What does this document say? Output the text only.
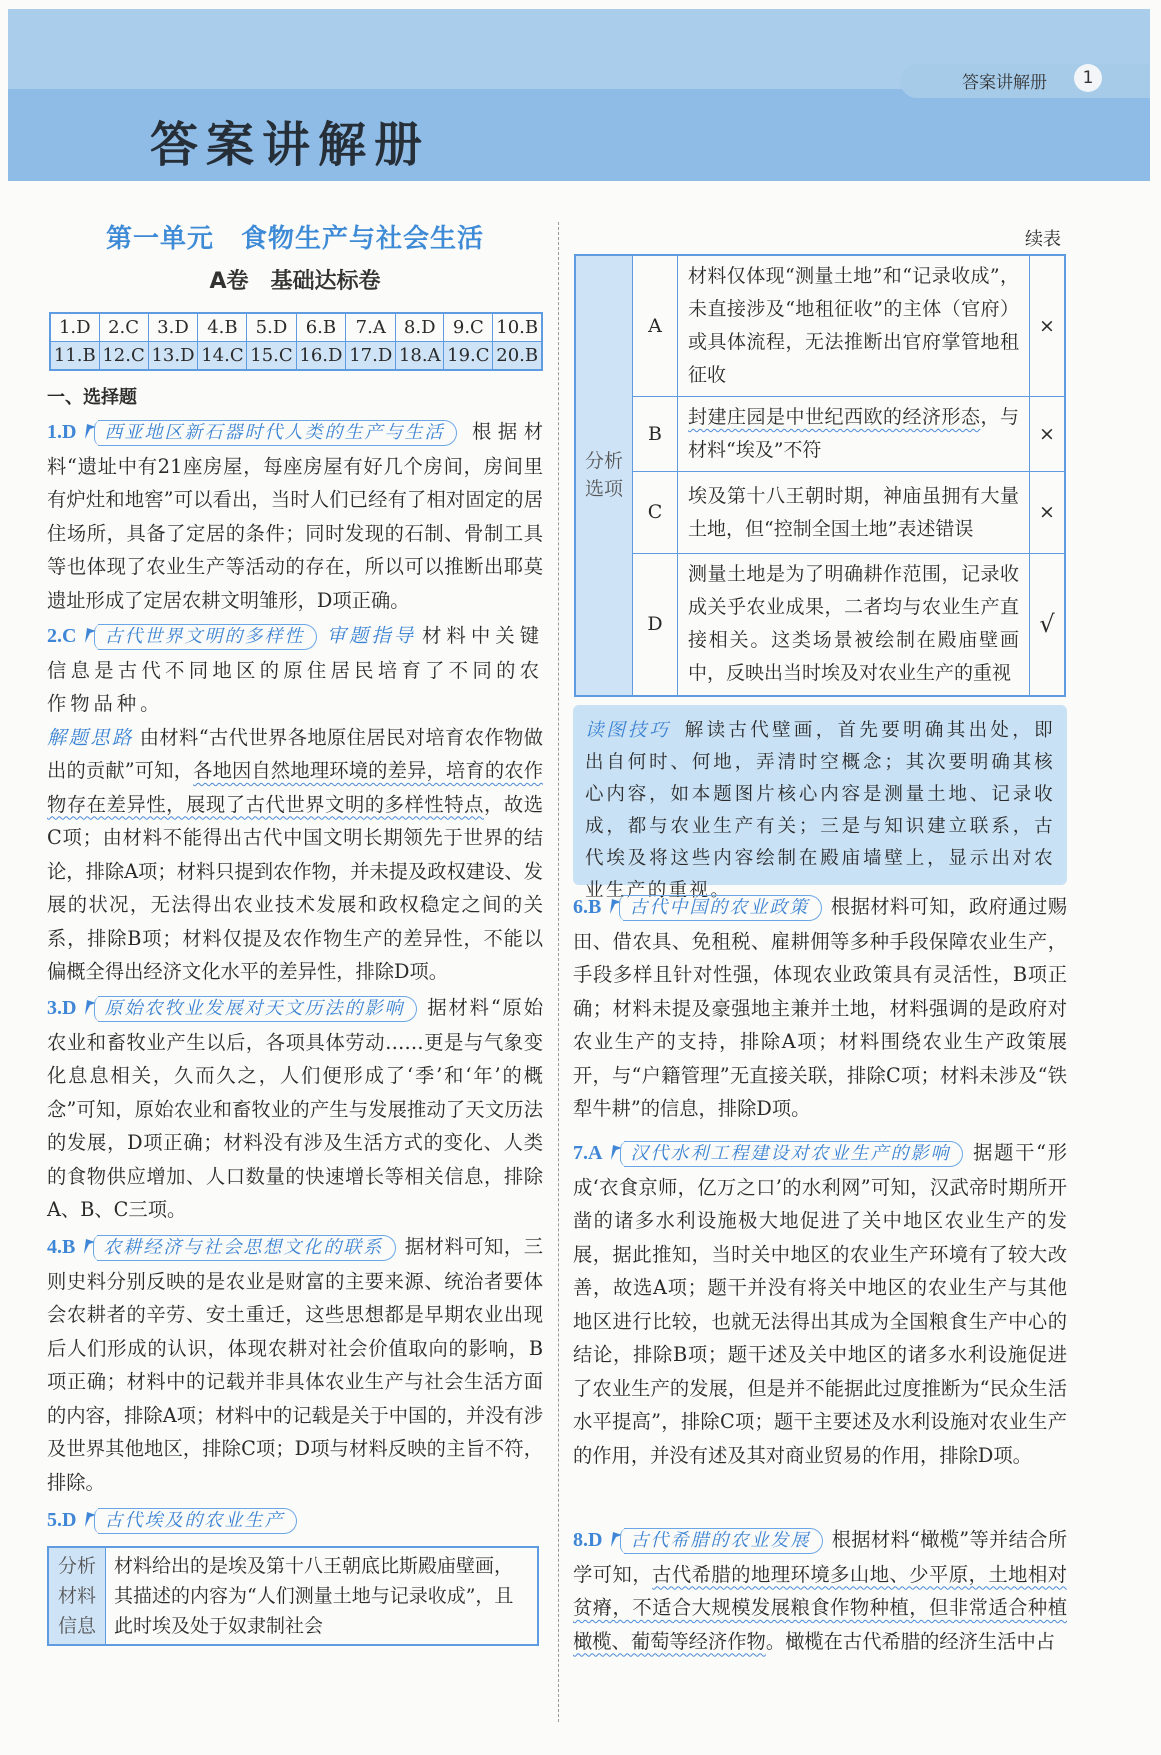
答案讲解册	1
答案讲解册
第一单元　食物生产与社会生活
A卷　基础达标卷
1.D	2.C	3.D	4.B	5.D	6.B	7.A	8.D	9.C	10.B
11.B	12.C	13.D	14.C	15.C	16.D	17.D	18.A	19.C	20.B
一、选择题
1.D 西亚地区新石器时代人类的生产与生活 根据材料“遗址中有21座房屋，每座房屋有好几个房间，房间里有炉灶和地窖”可以看出，当时人们已经有了相对固定的居住场所，具备了定居的条件；同时发现的石制、骨制工具等也体现了农业生产等活动的存在，所以可以推断出耶莫遗址形成了定居农耕文明雏形，D项正确。
2.C 古代世界文明的多样性 审题指导 材料中关键信息是古代不同地区的原住居民培育了不同的农作物品种。
解题思路 由材料“古代世界各地原住居民对培育农作物做出的贡献”可知，各地因自然地理环境的差异，培育的农作物存在差异性，展现了古代世界文明的多样性特点，故选C项；由材料不能得出古代中国文明长期领先于世界的结论，排除A项；材料只提到农作物，并未提及政权建设、发展的状况，无法得出农业技术发展和政权稳定之间的关系，排除B项；材料仅提及农作物生产的差异性，不能以偏概全得出经济文化水平的差异性，排除D项。
3.D 原始农牧业发展对天文历法的影响 据材料“原始农业和畜牧业产生以后，各项具体劳动……更是与气象变化息息相关，久而久之，人们便形成了‘季’和‘年’的概念”可知，原始农业和畜牧业的产生与发展推动了天文历法的发展，D项正确；材料没有涉及生活方式的变化、人类的食物供应增加、人口数量的快速增长等相关信息，排除A、B、C三项。
4.B 农耕经济与社会思想文化的联系 据材料可知，三则史料分别反映的是农业是财富的主要来源、统治者要体会农耕者的辛劳、安土重迁，这些思想都是早期农业出现后人们形成的认识，体现农耕对社会价值取向的影响，B项正确；材料中的记载并非具体农业生产与社会生活方面的内容，排除A项；材料中的记载是关于中国的，并没有涉及世界其他地区，排除C项；D项与材料反映的主旨不符，排除。
5.D 古代埃及的农业生产
分析材料信息	材料给出的是埃及第十八王朝底比斯殿庙壁画，其描述的内容为“人们测量土地与记录收成”，且此时埃及处于奴隶制社会
续表
分析选项	A	材料仅体现“测量土地”和“记录收成”，未直接涉及“地租征收”的主体（官府）或具体流程，无法推断出官府掌管地租征收	×
	B	封建庄园是中世纪西欧的经济形态，与材料“埃及”不符	×
	C	埃及第十八王朝时期，神庙虽拥有大量土地，但“控制全国土地”表述错误	×
	D	测量土地是为了明确耕作范围，记录收成关乎农业成果，二者均与农业生产直接相关。这类场景被绘制在殿庙壁画中，反映出当时埃及对农业生产的重视	√
读图技巧 解读古代壁画，首先要明确其出处，即出自何时、何地，弄清时空概念；其次要明确其核心内容，如本题图片核心内容是测量土地、记录收成，都与农业生产有关；三是与知识建立联系，古代埃及将这些内容绘制在殿庙墙壁上，显示出对农业生产的重视。
6.B 古代中国的农业政策 根据材料可知，政府通过赐田、借农具、免租税、雇耕佣等多种手段保障农业生产，手段多样且针对性强，体现农业政策具有灵活性，B项正确；材料未提及豪强地主兼并土地，材料强调的是政府对农业生产的支持，排除A项；材料围绕农业生产政策展开，与“户籍管理”无直接关联，排除C项；材料未涉及“铁犁牛耕”的信息，排除D项。
7.A 汉代水利工程建设对农业生产的影响 据题干“形成‘衣食京师，亿万之口’的水利网”可知，汉武帝时期所开凿的诸多水利设施极大地促进了关中地区农业生产的发展，据此推知，当时关中地区的农业生产环境有了较大改善，故选A项；题干并没有将关中地区的农业生产与其他地区进行比较，也就无法得出其成为全国粮食生产中心的结论，排除B项；题干述及关中地区的诸多水利设施促进了农业生产的发展，但是并不能据此过度推断为“民众生活水平提高”，排除C项；题干主要述及水利设施对农业生产的作用，并没有述及其对商业贸易的作用，排除D项。
8.D 古代希腊的农业发展 根据材料“橄榄”等并结合所学可知，古代希腊的地理环境多山地、少平原，土地相对贫瘠，不适合大规模发展粮食作物种植，但非常适合种植橄榄、葡萄等经济作物。橄榄在古代希腊的经济生活中占
